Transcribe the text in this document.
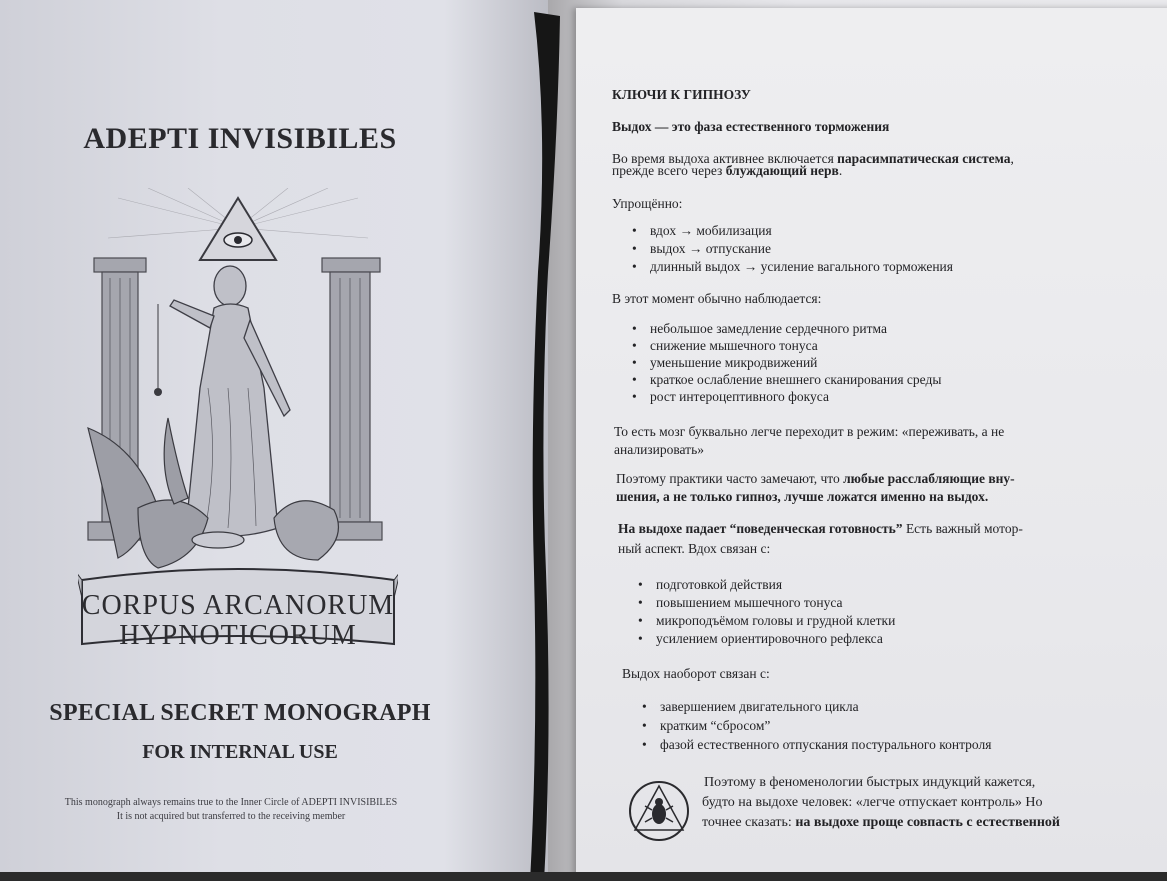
ADEPTI INVISIBILES
CORPUS ARCANORUM
HYPNOTICORUM
SPECIAL SECRET MONOGRAPH
FOR INTERNAL USE
This monograph always remains true to the Inner Circle of ADEPTI INVISIBILES
It is not acquired but transferred to the receiving member
КЛЮЧИ К ГИПНОЗУ
Выдох — это фаза естественного торможения
Во время выдоха активнее включается парасимпатическая система,
прежде всего через блуждающий нерв.
Упрощённо:
• вдох → мобилизация
• выдох → отпускание
• длинный выдох → усиление вагального торможения
В этот момент обычно наблюдается:
• небольшое замедление сердечного ритма
• снижение мышечного тонуса
• уменьшение микродвижений
• краткое ослабление внешнего сканирования среды
• рост интероцептивного фокуса
То есть мозг буквально легче переходит в режим: «переживать, а не
анализировать»
Поэтому практики часто замечают, что любые расслабляющие вну-
шения, а не только гипноз, лучше ложатся именно на выдох.
На выдохе падает “поведенческая готовность” Есть важный мотор-
ный аспект. Вдох связан с:
• подготовкой действия
• повышением мышечного тонуса
• микроподъёмом головы и грудной клетки
• усилением ориентировочного рефлекса
Выдох наоборот связан с:
• завершением двигательного цикла
• кратким “сбросом”
• фазой естественного отпускания постурального контроля
Поэтому в феноменологии быстрых индукций кажется,
будто на выдохе человек: «легче отпускает контроль» Но
точнее сказать: на выдохе проще совпасть с естественной
